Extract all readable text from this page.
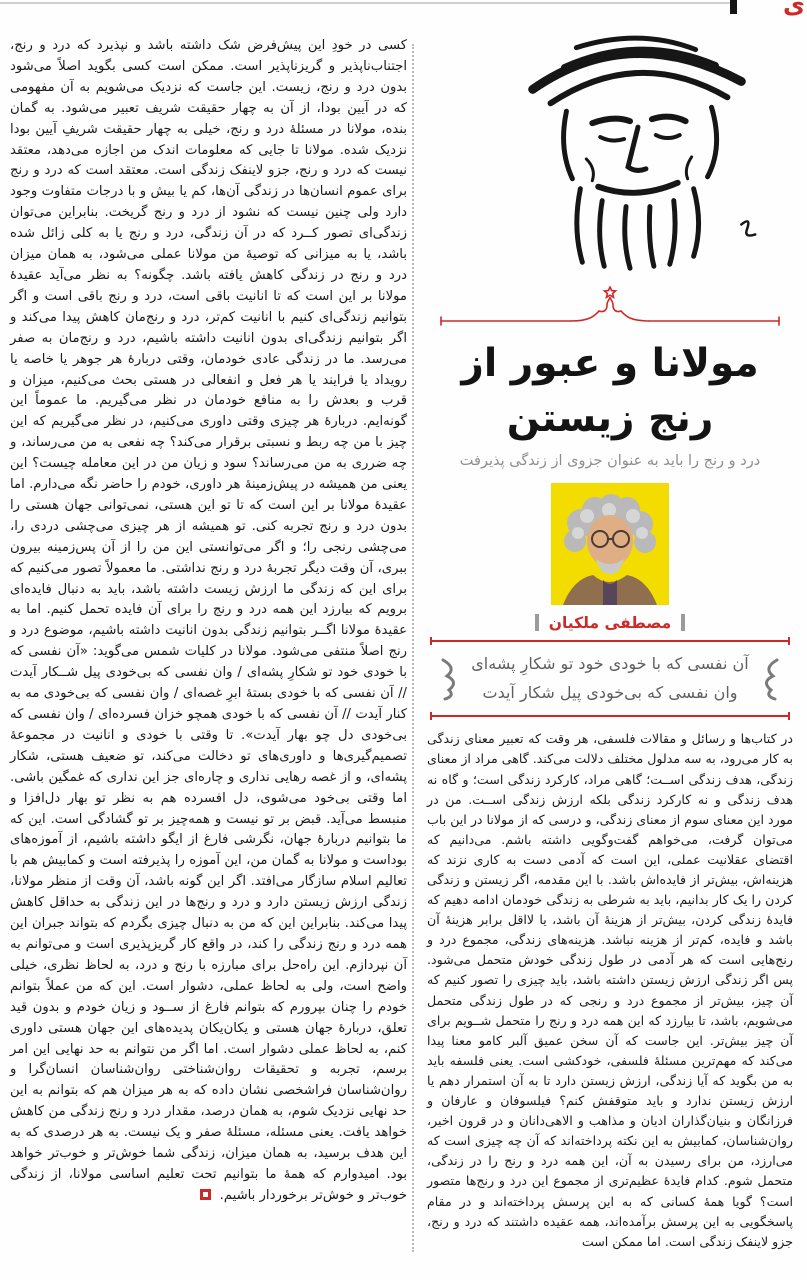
ی
مولانا و عبور از
رنج زیستن

درد و رنج را باید به عنوان جزوی از زندگی پذیرفت

مصطفی ملکیان
آن نفسی که با خودی خود تو شکارِ پشه‌ای
وان نفسی که بی‌خودی پیل شکار آیدت
در کتاب‌ها و رسائل و مقالات فلسفی، هر وقت که تعبیر معنای زندگی به کار می‌رود، به سه مدلول مختلف دلالت می‌کند. گاهی مراد از معنای زندگی، هدف زندگی اســت؛ گاهی مراد، کارکرد زندگی است؛ و گاه نه هدف زندگی و نه کارکرد زندگی بلکه ارزش زندگی اســت. من در مورد این معنای سوم از معنای زندگی، و درسی که از مولانا در این باب می‌توان گرفت، می‌خواهم گفت‌وگویی داشته باشم. می‌دانیم که اقتضای عقلانیت عملی، این است که آدمی دست به کاری نزند که هزینه‌اش، بیش‌تر از فایده‌اش باشد. با این مقدمه، اگر زیستن و زندگی کردن را یک کار بدانیم، باید به شرطی به زندگی خودمان ادامه دهیم که فایدهٔ زندگی کردن، بیش‌تر از هزینهٔ آن باشد، یا لااقل برابر هزینهٔ آن باشد و فایده، کم‌تر از هزینه نباشد. هزینه‌های زندگی، مجموع درد و رنج‌هایی است که هر آدمی در طول زندگی خودش متحمل می‌شود. پس اگر زندگی ارزش زیستن داشته باشد، باید چیزی را تصور کنیم که آن چیز، بیش‌تر از مجموع درد و رنجی که در طول زندگی متحمل می‌شویم، باشد، تا بیارزد که این همه درد و رنج را متحمل شــویم برای آن چیز بیش‌تر. این جاست که آن سخن عمیق آلبر کامو معنا پیدا می‌کند که مهم‌ترین مسئلهٔ فلسفی، خودکشی است. یعنی فلسفه باید به من بگوید که آیا زندگی، ارزش زیستن دارد تا به آن استمرار دهم یا ارزش زیستن ندارد و باید متوقفش کنم؟ فیلسوفان و عارفان و فرزانگان و بنیان‌گذاران ادیان و مذاهب و الاهی‌دانان و در قرون اخیر، روان‌شناسان، کمابیش به این نکته پرداخته‌اند که آن چه چیزی است که می‌ارزد، من برای رسیدن به آن، این همه درد و رنج را در زندگی، متحمل شوم. کدام فایدهٔ عظیم‌تری از مجموع این درد و رنج‌ها متصور است؟ گویا همهٔ کسانی که به این پرسش پرداخته‌اند و در مقام پاسخگویی به این پرسش برآمده‌اند، همه عقیده داشتند که درد و رنج، جزو لاینفک زندگی است. اما ممکن است
کسی در خودِ این پیش‌فرض شک داشته باشد و نپذیرد که درد و رنج، اجتناب‌ناپذیر و گریزناپذیر است. ممکن است کسی بگوید اصلاً می‌شود بدون درد و رنج، زیست. این جاست که نزدیک می‌شویم به آن مفهومی که در آیین بودا، از آن به چهار حقیقت شریف تعبیر می‌شود. به گمان بنده، مولانا در مسئلهٔ درد و رنج، خیلی به چهار حقیقت شریفِ آیین بودا نزدیک شده. مولانا تا جایی که معلومات اندک من اجازه می‌دهد، معتقد نیست که درد و رنج، جزو لاینفک زندگی است. معتقد است که درد و رنج برای عموم انسان‌ها در زندگی آن‌ها، کم یا بیش و با درجات متفاوت وجود دارد ولی چنین نیست که نشود از درد و رنج گریخت. بنابراین می‌توان زندگی‌ای تصور کــرد که در آن زندگی، درد و رنج یا به کلی زائل شده باشد، یا به میزانی که توصیهٔ من مولانا عملی می‌شود، به همان میزان درد و رنج در زندگی کاهش یافته باشد. چگونه؟ به نظر می‌آید عقیدهٔ مولانا بر این است که تا انانیت باقی است، درد و رنج باقی است و اگر بتوانیم زندگی‌ای کنیم با انانیت کم‌تر، درد و رنج‌مان کاهش پیدا می‌کند و اگر بتوانیم زندگی‌ای بدون انانیت داشته باشیم، درد و رنج‌مان به صفر می‌رسد. ما در زندگی عادی خودمان، وقتی دربارهٔ هر جوهر یا خاصه یا رویداد یا فرایند یا هر فعل و انفعالی در هستی بحث می‌کنیم، میزان و قرب و بعدش را به منافع خودمان در نظر می‌گیریم. ما عموماً این گونه‌ایم. دربارهٔ هر چیزی وقتی داوری می‌کنیم، در نظر می‌گیریم که این چیز با من چه ربط و نسبتی برقرار می‌کند؟ چه نفعی به من می‌رساند، و چه ضرری به من می‌رساند؟ سود و زیان من در این معامله چیست؟ این یعنی من همیشه در پیش‌زمینهٔ هر داوری، خودم را حاضر نگه می‌دارم. اما عقیدهٔ مولانا بر این است که تا تو این هستی، نمی‌توانی جهان هستی را بدون درد و رنج تجربه کنی. تو همیشه از هر چیزی می‌چشی دردی را، می‌چشی رنجی را؛ و اگر می‌توانستی این من را از آن پس‌زمینه بیرون ببری، آن وقت دیگر تجربهٔ درد و رنج نداشتی. ما معمولاً تصور می‌کنیم که برای این که زندگی ما ارزش زیست داشته باشد، باید به دنبال فایده‌ای برویم که بیارزد این همه درد و رنج را برای آن فایده تحمل کنیم. اما به عقیدهٔ مولانا اگــر بتوانیم زندگی بدون انانیت داشته باشیم، موضوع درد و رنج اصلاً منتفی می‌شود. مولانا در کلیات شمس می‌گوید: «آن نفسی که با خودی خود تو شکارِ پشه‌ای / وان نفسی که بی‌خودی پیل شــکار آیدت // آن نفسی که با خودی بستهٔ ابرِ غصه‌ای / وان نفسی که بی‌خودی مه به کنار آیدت // آن نفسی که با خودی همچو خزان فسرده‌ای / وان نفسی که بی‌خودی دل چو بهار آیدت». تا وقتی با خودی و انانیت در مجموعهٔ تصمیم‌گیری‌ها و داوری‌های تو دخالت می‌کند، تو ضعیف هستی، شکار پشه‌ای، و از غصه رهایی نداری و چاره‌ای جز این نداری که غمگین باشی. اما وقتی بی‌خود می‌شوی، دل افسرده هم به نظر تو بهار دل‌افزا و منبسط می‌آید. قبض بر تو نیست و همه‌چیز بر تو گشادگی است. این که ما بتوانیم دربارهٔ جهان، نگرشی فارغ از ایگو داشته باشیم، از آموزه‌های بوداست و مولانا به گمان من، این آموزه را پذیرفته است و کمابیش هم با تعالیم اسلام سازگار می‌افتد. اگر این گونه باشد، آن وقت از منظر مولانا، زندگی ارزش زیستن دارد و درد و رنج‌ها در این زندگی به حداقل کاهش پیدا می‌کند. بنابراین این که من به دنبال چیزی بگردم که بتواند جبران این همه درد و رنج زندگی را کند، در واقع کار گریزپذیری است و می‌توانم به آن نپردازم. این راه‌حل برای مبارزه با رنج و درد، به لحاظ نظری، خیلی واضح است، ولی به لحاظ عملی، دشوار است. این که من عملاً بتوانم خودم را چنان بپرورم که بتوانم فارغ از ســود و زیان خودم و بدون قید تعلق، دربارهٔ جهان هستی و یکان‌یکان پدیده‌های این جهان هستی داوری کنم، به لحاظ عملی دشوار است. اما اگر من نتوانم به حد نهایی این امر برسم، تجربه و تحقیقات روان‌شناختی روان‌شناسان انسان‌گرا و روان‌شناسان فراشخصی نشان داده که به هر میزان هم که بتوانم به این حد نهایی نزدیک شوم، به همان درصد، مقدار درد و رنج زندگی من کاهش خواهد یافت. یعنی مسئله، مسئلهٔ صفر و یک نیست. به هر درصدی که به این هدف برسید، به همان میزان، زندگی شما خوش‌تر و خوب‌تر خواهد بود. امیدوارم که همهٔ ما بتوانیم تحت تعلیم اساسی مولانا، از زندگی خوب‌تر و خوش‌تر برخوردار باشیم.
